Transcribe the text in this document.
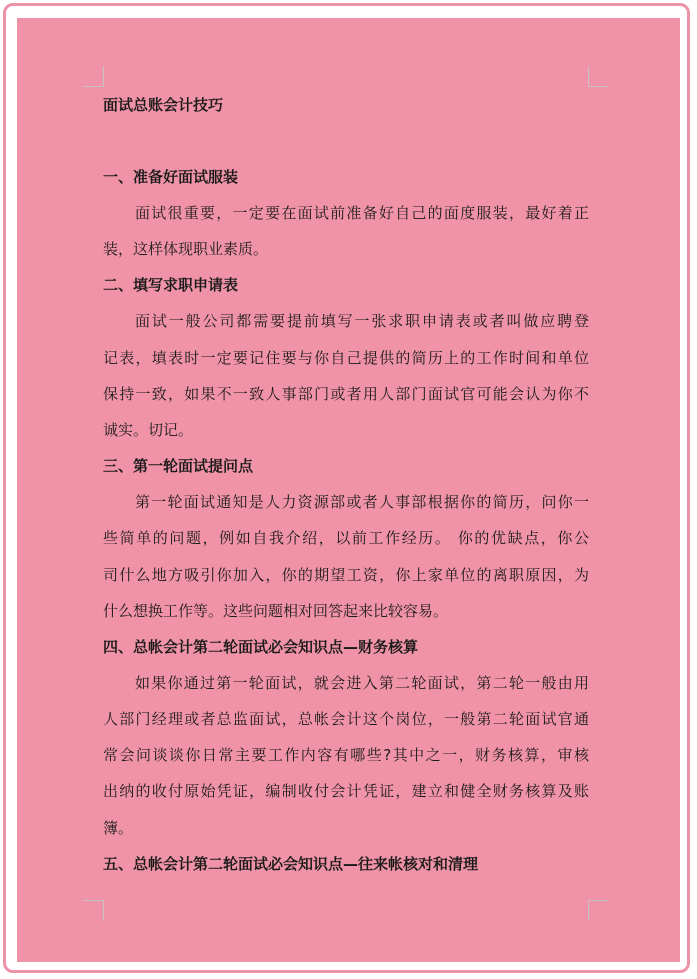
面试总账会计技巧
一、准备好面试服装
面试很重要，一定要在面试前准备好自己的面度服装，最好着正
装，这样体现职业素质。
二、填写求职申请表
面试一般公司都需要提前填写一张求职申请表或者叫做应聘登
记表，填表时一定要记住要与你自己提供的简历上的工作时间和单位
保持一致，如果不一致人事部门或者用人部门面试官可能会认为你不
诚实。切记。
三、第一轮面试提问点
第一轮面试通知是人力资源部或者人事部根据你的简历，问你一
些简单的问题，例如自我介绍，以前工作经历。 你的优缺点，你公
司什么地方吸引你加入，你的期望工资，你上家单位的离职原因，为
什么想换工作等。这些问题相对回答起来比较容易。
四、总帐会计第二轮面试必会知识点—财务核算
如果你通过第一轮面试，就会进入第二轮面试，第二轮一般由用
人部门经理或者总监面试，总帐会计这个岗位，一般第二轮面试官通
常会问谈谈你日常主要工作内容有哪些?其中之一，财务核算，审核
出纳的收付原始凭证，编制收付会计凭证，建立和健全财务核算及账
簿。
五、总帐会计第二轮面试必会知识点—往来帐核对和清理
